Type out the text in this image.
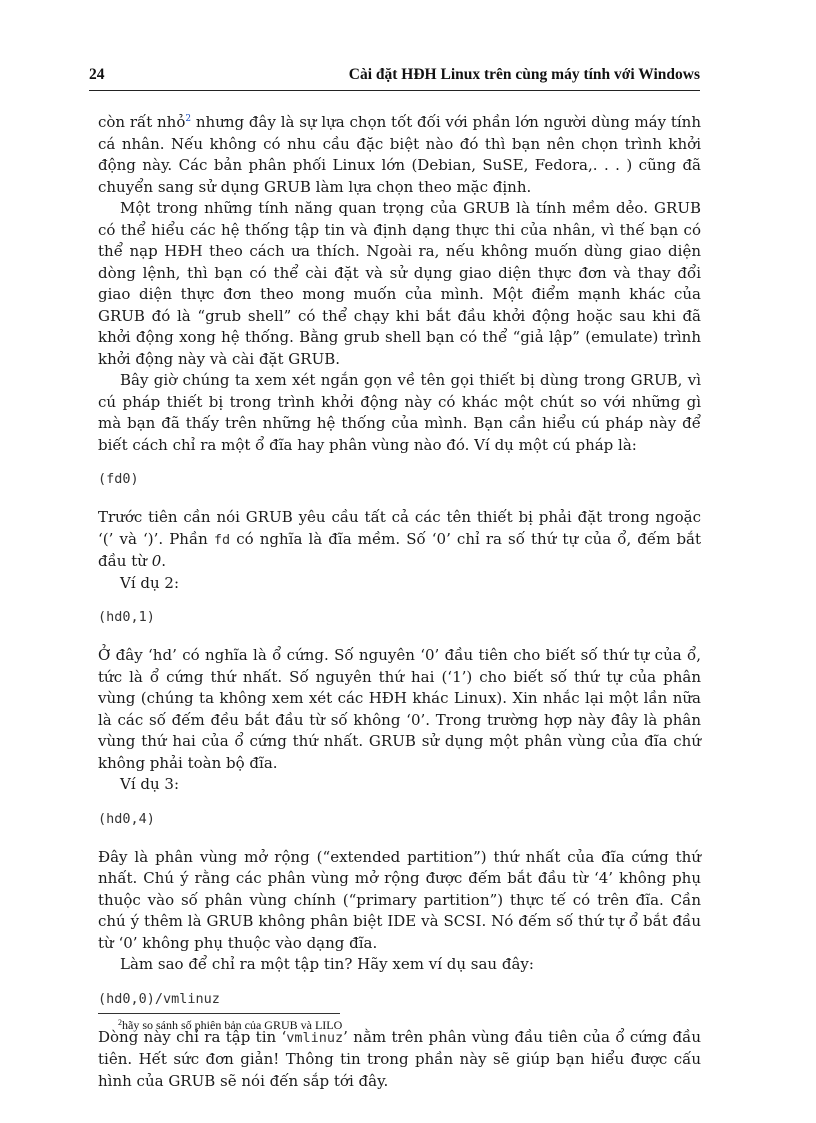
24	Cài đặt HĐH Linux trên cùng máy tính với Windows

còn rất nhỏ$^2$ nhưng đây là sự lựa chọn tốt đối với phần lớn người dùng máy tính cá nhân. Nếu không có nhu cầu đặc biệt nào đó thì bạn nên chọn trình khởi động này. Các bản phân phối Linux lớn (Debian, SuSE, Fedora,. . . ) cũng đã chuyển sang sử dụng GRUB làm lựa chọn theo mặc định.

Một trong những tính năng quan trọng của GRUB là tính mềm dẻo. GRUB có thể hiểu các hệ thống tập tin và định dạng thực thi của nhân, vì thế bạn có thể nạp HĐH theo cách ưa thích. Ngoài ra, nếu không muốn dùng giao diện dòng lệnh, thì bạn có thể cài đặt và sử dụng giao diện thực đơn và thay đổi giao diện thực đơn theo mong muốn của mình. Một điểm mạnh khác của GRUB đó là “grub shell” có thể chạy khi bắt đầu khởi động hoặc sau khi đã khởi động xong hệ thống. Bằng grub shell bạn có thể “giả lập” (emulate) trình khởi động này và cài đặt GRUB.

Bây giờ chúng ta xem xét ngắn gọn về tên gọi thiết bị dùng trong GRUB, vì cú pháp thiết bị trong trình khởi động này có khác một chút so với những gì mà bạn đã thấy trên những hệ thống của mình. Bạn cần hiểu cú pháp này để biết cách chỉ ra một ổ đĩa hay phân vùng nào đó. Ví dụ một cú pháp là:

(fd0)

Trước tiên cần nói GRUB yêu cầu tất cả các tên thiết bị phải đặt trong ngoặc ‘(’ và ‘)’. Phần fd có nghĩa là đĩa mềm. Số ‘0’ chỉ ra số thứ tự của ổ, đếm bắt đầu từ 0.

Ví dụ 2:

(hd0,1)

Ở đây ‘hd’ có nghĩa là ổ cứng. Số nguyên ‘0’ đầu tiên cho biết số thứ tự của ổ, tức là ổ cứng thứ nhất. Số nguyên thứ hai (‘1’) cho biết số thứ tự của phân vùng (chúng ta không xem xét các HĐH khác Linux). Xin nhắc lại một lần nữa là các số đếm đều bắt đầu từ số không ‘0’. Trong trường hợp này đây là phân vùng thứ hai của ổ cứng thứ nhất. GRUB sử dụng một phân vùng của đĩa chứ không phải toàn bộ đĩa.

Ví dụ 3:

(hd0,4)

Đây là phân vùng mở rộng (“extended partition”) thứ nhất của đĩa cứng thứ nhất. Chú ý rằng các phân vùng mở rộng được đếm bắt đầu từ ‘4’ không phụ thuộc vào số phân vùng chính (“primary partition”) thực tế có trên đĩa. Cần chú ý thêm là GRUB không phân biệt IDE và SCSI. Nó đếm số thứ tự ổ bắt đầu từ ‘0’ không phụ thuộc vào dạng đĩa.

Làm sao để chỉ ra một tập tin? Hãy xem ví dụ sau đây:

(hd0,0)/vmlinuz

Dòng này chỉ ra tập tin ‘vmlinuz’ nằm trên phân vùng đầu tiên của ổ cứng đầu tiên. Hết sức đơn giản! Thông tin trong phần này sẽ giúp bạn hiểu được cấu hình của GRUB sẽ nói đến sắp tới đây.

$^2$hãy so sánh số phiên bản của GRUB và LILO
